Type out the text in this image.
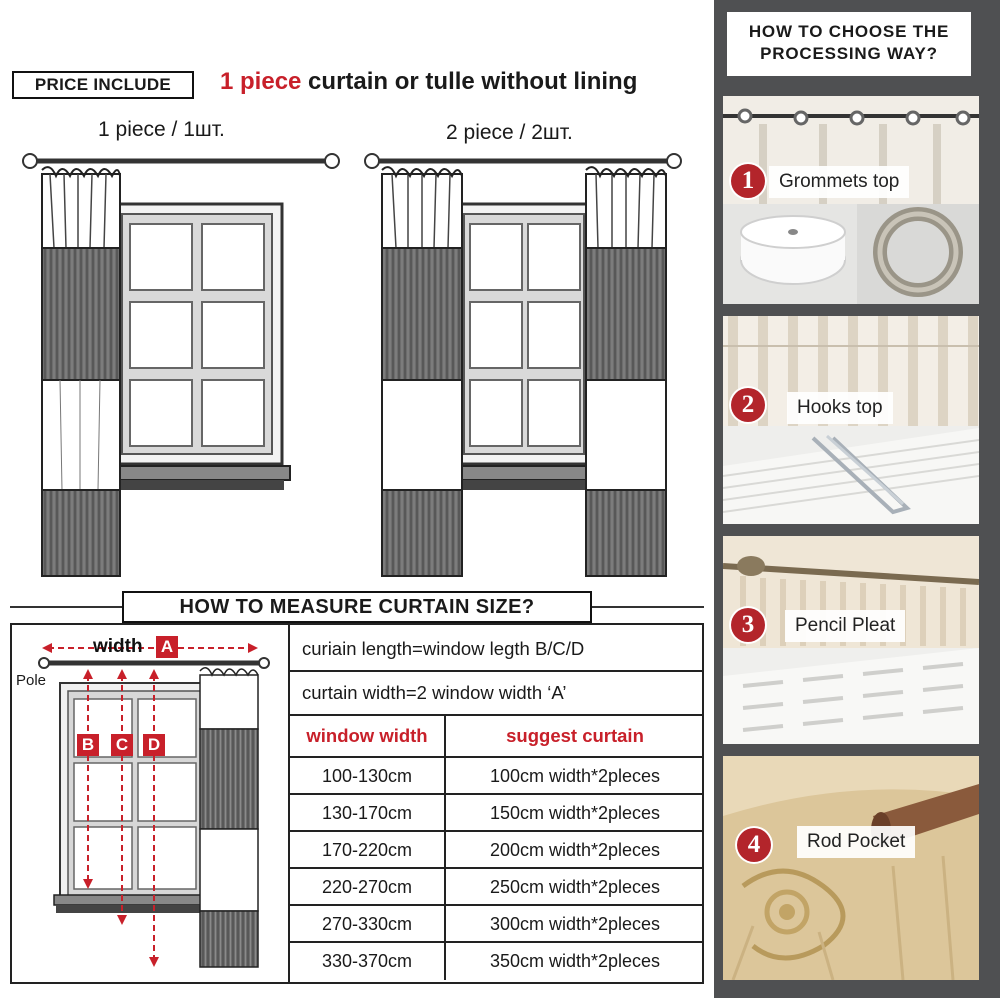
PRICE INCLUDE	1 piece curtain or tulle without lining
1 piece / 1шт.	2 piece / 2шт.
HOW TO MEASURE CURTAIN SIZE?
Pole
width A
B C D
curiain length=window legth B/C/D
curtain width=2 window width ‘A’
window width	suggest curtain
100-130cm	100cm width*2pleces
130-170cm	150cm width*2pleces
170-220cm	200cm width*2pleces
220-270cm	250cm width*2pleces
270-330cm	300cm width*2pleces
330-370cm	350cm width*2pleces
HOW TO CHOOSE THE
PROCESSING WAY?
1	Grommets top
2	Hooks top
3	Pencil Pleat
4	Rod Pocket
